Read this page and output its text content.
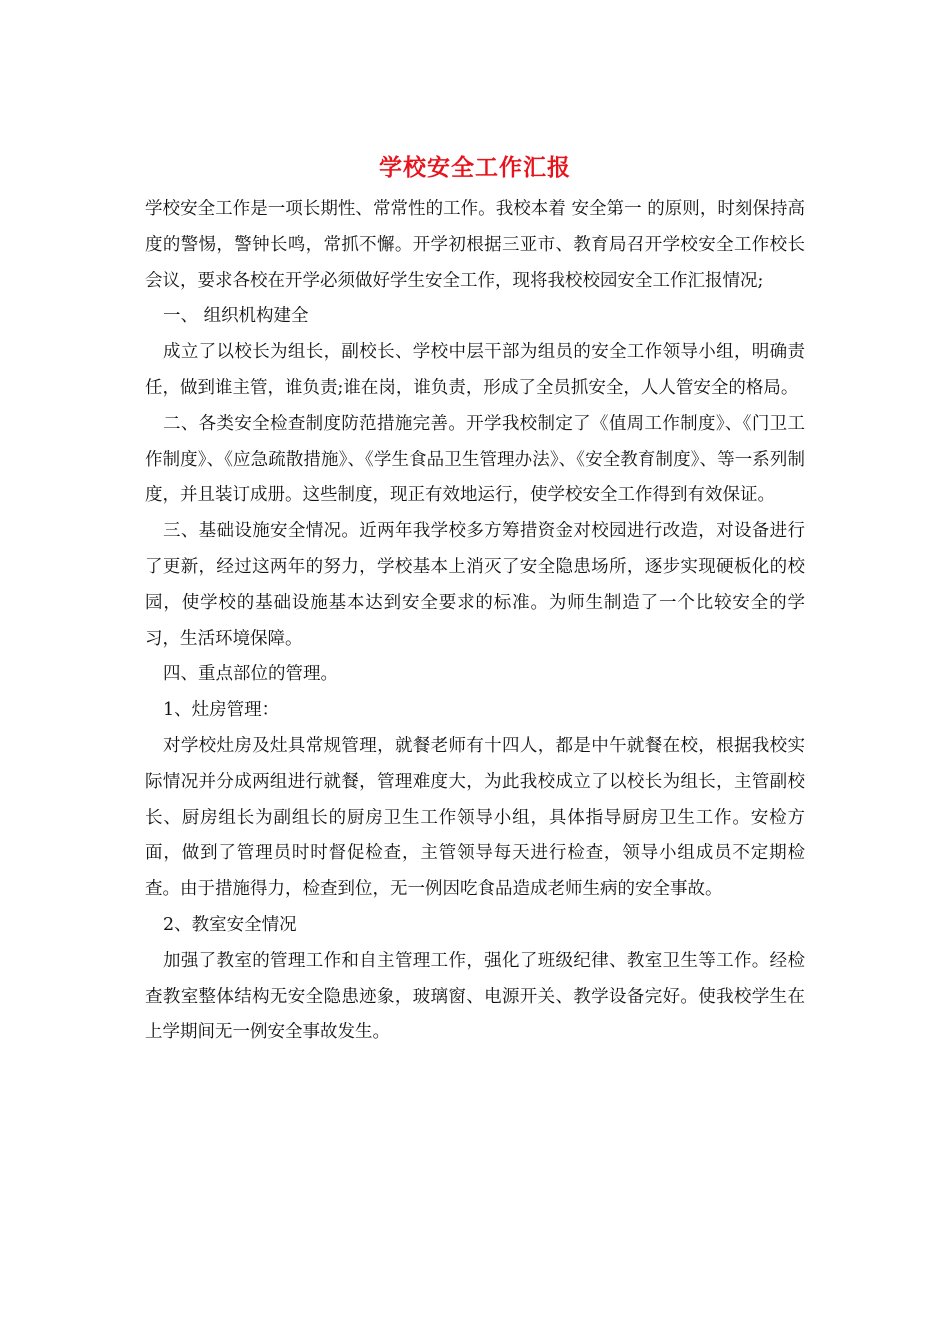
学校安全工作汇报

学校安全工作是一项长期性、常常性的工作。我校本着 安全第一 的原则，时刻保持高度的警惕，警钟长鸣，常抓不懈。开学初根据三亚市、教育局召开学校安全工作校长会议，要求各校在开学必须做好学生安全工作，现将我校校园安全工作汇报情况;

一、 组织机构建全

成立了以校长为组长，副校长、学校中层干部为组员的安全工作领导小组，明确责任，做到谁主管，谁负责;谁在岗，谁负责，形成了全员抓安全，人人管安全的格局。

二、各类安全检查制度防范措施完善。开学我校制定了《值周工作制度》、《门卫工作制度》、《应急疏散措施》、《学生食品卫生管理办法》、《安全教育制度》、等一系列制度，并且装订成册。这些制度，现正有效地运行，使学校安全工作得到有效保证。

三、基础设施安全情况。近两年我学校多方筹措资金对校园进行改造，对设备进行了更新，经过这两年的努力，学校基本上消灭了安全隐患场所，逐步实现硬板化的校园，使学校的基础设施基本达到安全要求的标准。为师生制造了一个比较安全的学习，生活环境保障。

四、重点部位的管理。

1、灶房管理：

对学校灶房及灶具常规管理，就餐老师有十四人，都是中午就餐在校，根据我校实际情况并分成两组进行就餐，管理难度大，为此我校成立了以校长为组长，主管副校长、厨房组长为副组长的厨房卫生工作领导小组，具体指导厨房卫生工作。安检方面，做到了管理员时时督促检查，主管领导每天进行检查，领导小组成员不定期检查。由于措施得力，检查到位，无一例因吃食品造成老师生病的安全事故。

2、教室安全情况

加强了教室的管理工作和自主管理工作，强化了班级纪律、教室卫生等工作。经检查教室整体结构无安全隐患迹象，玻璃窗、电源开关、教学设备完好。使我校学生在上学期间无一例安全事故发生。
